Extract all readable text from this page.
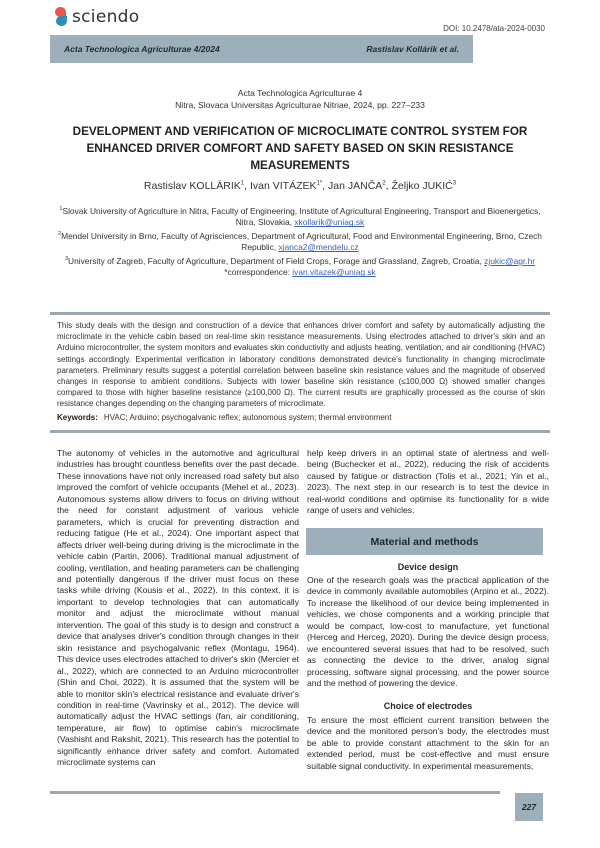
sciendo
DOI: 10.2478/ata-2024-0030
Acta Technologica Agriculturae 4/2024	Rastislav Kollárik et al.
Acta Technologica Agriculturae 4
Nitra, Slovaca Universitas Agriculturae Nitriae, 2024, pp. 227–233
DEVELOPMENT AND VERIFICATION OF MICROCLIMATE CONTROL SYSTEM FOR ENHANCED DRIVER COMFORT AND SAFETY BASED ON SKIN RESISTANCE MEASUREMENTS
Rastislav KOLLÁRIK$^1$, Ivan $VITÁZEK^{1*}$, Jan JANČA$^2$, Željko JUKIĆ$^3$
$^1$Slovak University of Agriculture in Nitra, Faculty of Engineering, Institute of Agricultural Engineering, Transport and Bioenergetics, Nitra, Slovakia, xkollarik@uniag.sk
$^2$Mendel University in Brno, Faculty of Agrisciences, Department of Agricultural, Food and Environmental Engineering, Brno, Czech Republic, xjanca2@mendelu.cz
$^3$University of Zagreb, Faculty of Agriculture, Department of Field Crops, Forage and Grassland, Zagreb, Croatia, zjukic@agr.hr
*correspondence: ivan.vitazek@uniag.sk
This study deals with the design and construction of a device that enhances driver comfort and safety by automatically adjusting the microclimate in the vehicle cabin based on real-time skin resistance measurements. Using electrodes attached to driver's skin and an Arduino microcontroller, the system monitors and evaluates skin conductivity and adjusts heating, ventilation, and air conditioning (HVAC) settings accordingly. Experimental verification in laboratory conditions demonstrated device's functionality in changing microclimate parameters. Preliminary results suggest a potential correlation between baseline skin resistance values and the magnitude of observed changes in response to ambient conditions. Subjects with lower baseline skin resistance (≤100,000 Ω) showed smaller changes compared to those with higher baseline resistance (≥100,000 Ω). The current results are graphically processed as the course of skin resistance changes depending on the changing parameters of microclimate.
Keywords: HVAC; Arduino; psychogalvanic reflex; autonomous system; thermal environment
The autonomy of vehicles in the automotive and agricultural industries has brought countless benefits over the past decade. These innovations have not only increased road safety but also improved the comfort of vehicle occupants (Mehel et al., 2023). Autonomous systems allow drivers to focus on driving without the need for constant adjustment of various vehicle parameters, which is crucial for preventing distraction and reducing fatigue (He et al., 2024). One important aspect that affects driver well-being during driving is the microclimate in the vehicle cabin (Partin, 2006). Traditional manual adjustment of cooling, ventilation, and heating parameters can be challenging and potentially dangerous if the driver must focus on these tasks while driving (Kousis et al., 2022). In this context, it is important to develop technologies that can automatically monitor and adjust the microclimate without manual intervention. The goal of this study is to design and construct a device that analyses driver's condition through changes in their skin resistance and psychogalvanic reflex (Montagu, 1964). This device uses electrodes attached to driver's skin (Mercier et al., 2022), which are connected to an Arduino microcontroller (Shin and Choi, 2022). It is assumed that the system will be able to monitor skin's electrical resistance and evaluate driver's condition in real-time (Vavrinsky et al., 2012). The device will automatically adjust the HVAC settings (fan, air conditioning, temperature, air flow) to optimise cabin's microclimate (Vashisht and Rakshit, 2021). This research has the potential to significantly enhance driver safety and comfort. Automated microclimate systems can
help keep drivers in an optimal state of alertness and well-being (Buchecker et al., 2022), reducing the risk of accidents caused by fatigue or distraction (Tolis et al., 2021; Yin et al., 2023). The next step in our research is to test the device in real-world conditions and optimise its functionality for a wide range of users and vehicles.
Material and methods
Device design
One of the research goals was the practical application of the device in commonly available automobiles (Arpino et al., 2022). To increase the likelihood of our device being implemented in vehicles, we chose components and a working principle that would be compact, low-cost to manufacture, yet functional (Herceg and Herceg, 2020). During the device design process, we encountered several issues that had to be resolved, such as connecting the device to the driver, analog signal processing, software signal processing, and the power source and the method of powering the device.
Choice of electrodes
To ensure the most efficient current transition between the device and the monitored person's body, the electrodes must be able to provide constant attachment to the skin for an extended period, must be cost-effective and must ensure suitable signal conductivity. In experimental measurements,
227
